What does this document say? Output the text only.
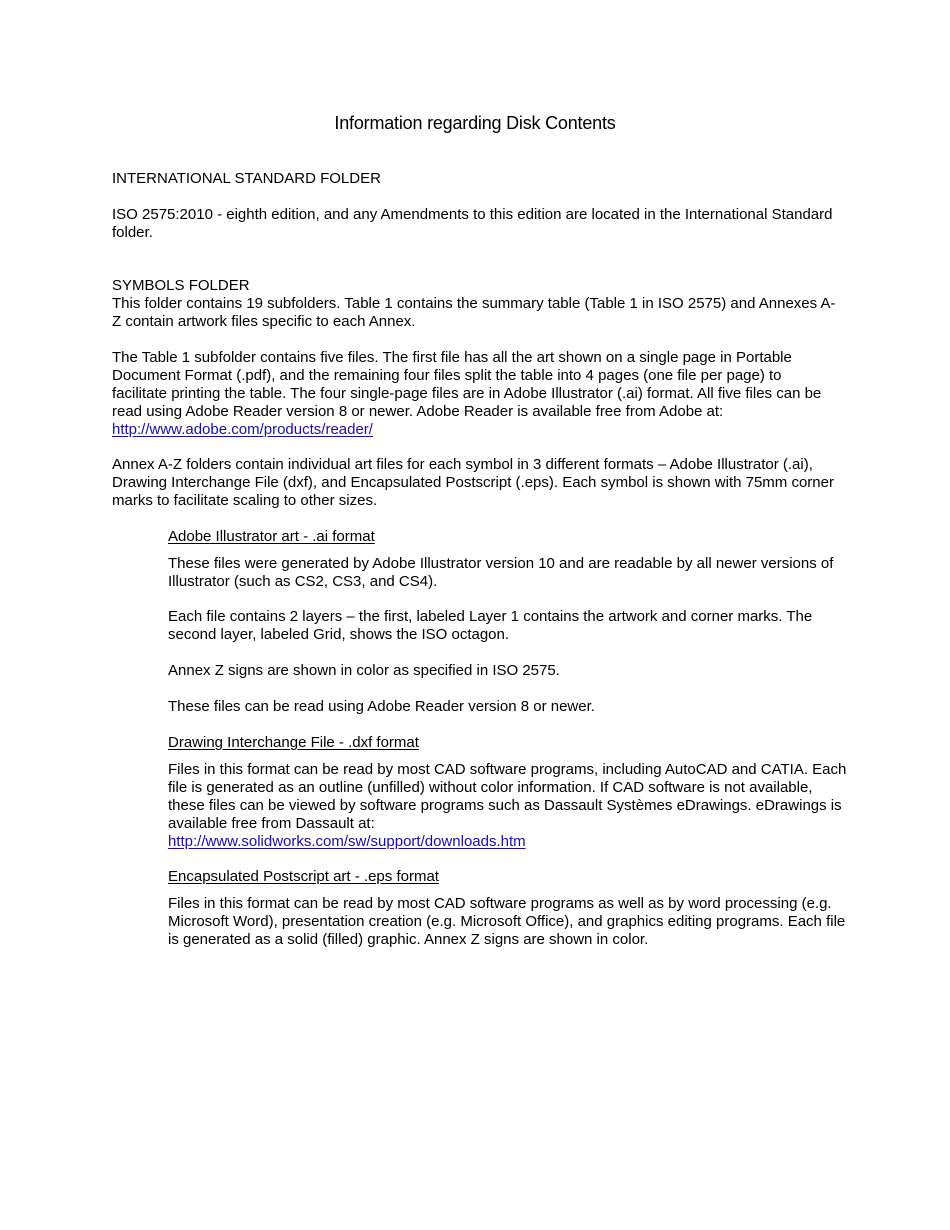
Information regarding Disk Contents

INTERNATIONAL STANDARD FOLDER

ISO 2575:2010 - eighth edition, and any Amendments to this edition are located in the International Standard folder.

SYMBOLS FOLDER

This folder contains 19 subfolders. Table 1 contains the summary table (Table 1 in ISO 2575) and Annexes A-Z contain artwork files specific to each Annex.

The Table 1 subfolder contains five files. The first file has all the art shown on a single page in Portable Document Format (.pdf), and the remaining four files split the table into 4 pages (one file per page) to facilitate printing the table. The four single-page files are in Adobe Illustrator (.ai) format. All five files can be read using Adobe Reader version 8 or newer. Adobe Reader is available free from Adobe at:
http://www.adobe.com/products/reader/

Annex A-Z folders contain individual art files for each symbol in 3 different formats – Adobe Illustrator (.ai), Drawing Interchange File (dxf), and Encapsulated Postscript (.eps). Each symbol is shown with 75mm corner marks to facilitate scaling to other sizes.

Adobe Illustrator art - .ai format

These files were generated by Adobe Illustrator version 10 and are readable by all newer versions of Illustrator (such as CS2, CS3, and CS4).

Each file contains 2 layers – the first, labeled Layer 1 contains the artwork and corner marks. The second layer, labeled Grid, shows the ISO octagon.

Annex Z signs are shown in color as specified in ISO 2575.

These files can be read using Adobe Reader version 8 or newer.

Drawing Interchange File - .dxf format

Files in this format can be read by most CAD software programs, including AutoCAD and CATIA. Each file is generated as an outline (unfilled) without color information. If CAD software is not available, these files can be viewed by software programs such as Dassault Systèmes eDrawings. eDrawings is available free from Dassault at:
http://www.solidworks.com/sw/support/downloads.htm

Encapsulated Postscript art - .eps format

Files in this format can be read by most CAD software programs as well as by word processing (e.g. Microsoft Word), presentation creation (e.g. Microsoft Office), and graphics editing programs. Each file is generated as a solid (filled) graphic. Annex Z signs are shown in color.
